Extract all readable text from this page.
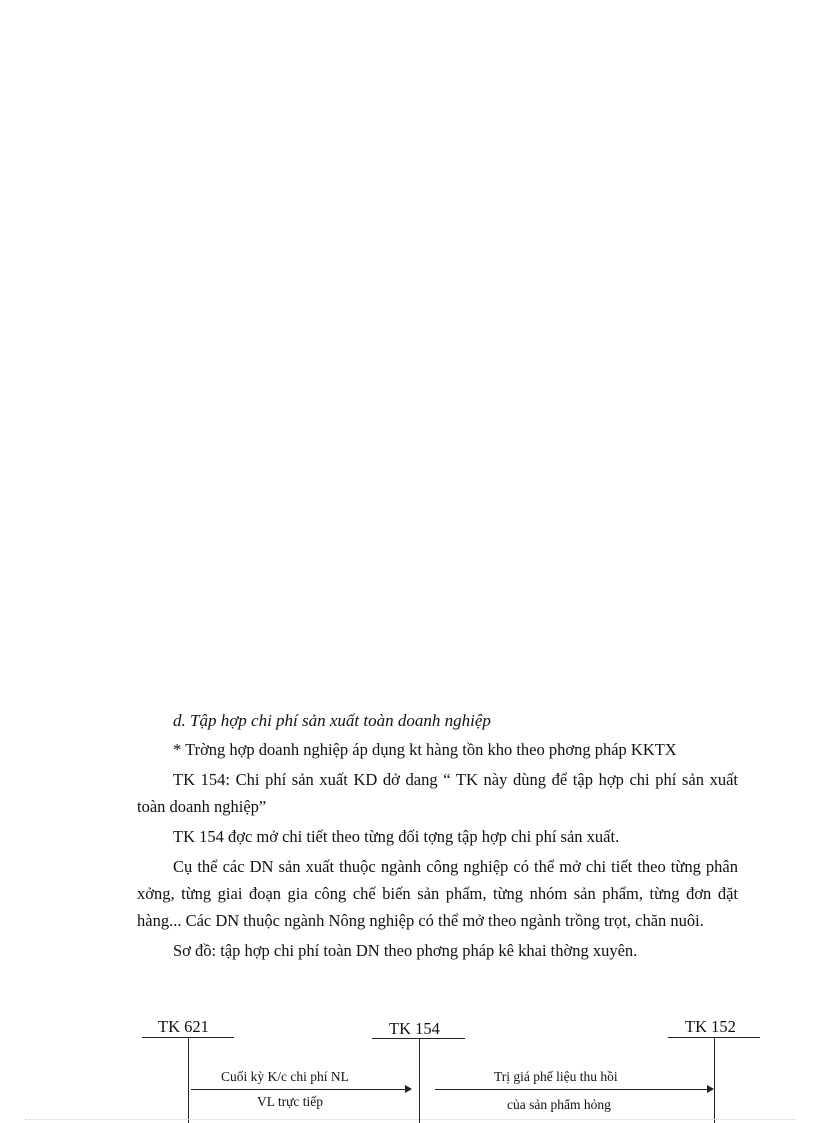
d. Tập hợp chi phí sản xuất toàn doanh nghiệp

* Trờng hợp doanh nghiệp áp dụng kt hàng tồn kho theo phơng pháp KKTX

TK 154: Chi phí sản xuất KD dở dang “ TK này dùng để tập hợp chi phí sản xuất toàn doanh nghiệp”

TK 154 đợc mở chi tiết theo từng đối tợng tập hợp chi phí sản xuất.

Cụ thể các DN sản xuất thuộc ngành công nghiệp có thể mở chi tiết theo từng phân xởng, từng giai đoạn gia công chế biến sản phẩm, từng nhóm sản phẩm, từng đơn đặt hàng... Các DN thuộc ngành Nông nghiệp có thể mở theo ngành trồng trọt, chăn nuôi.

Sơ đồ: tập hợp chi phí toàn DN theo phơng pháp kê khai thờng xuyên.

TK 621	TK 154	TK 152
Cuối kỳ K/c chi phí NL
VL trực tiếp
Trị giá phế liệu thu hồi
của sản phẩm hỏng
